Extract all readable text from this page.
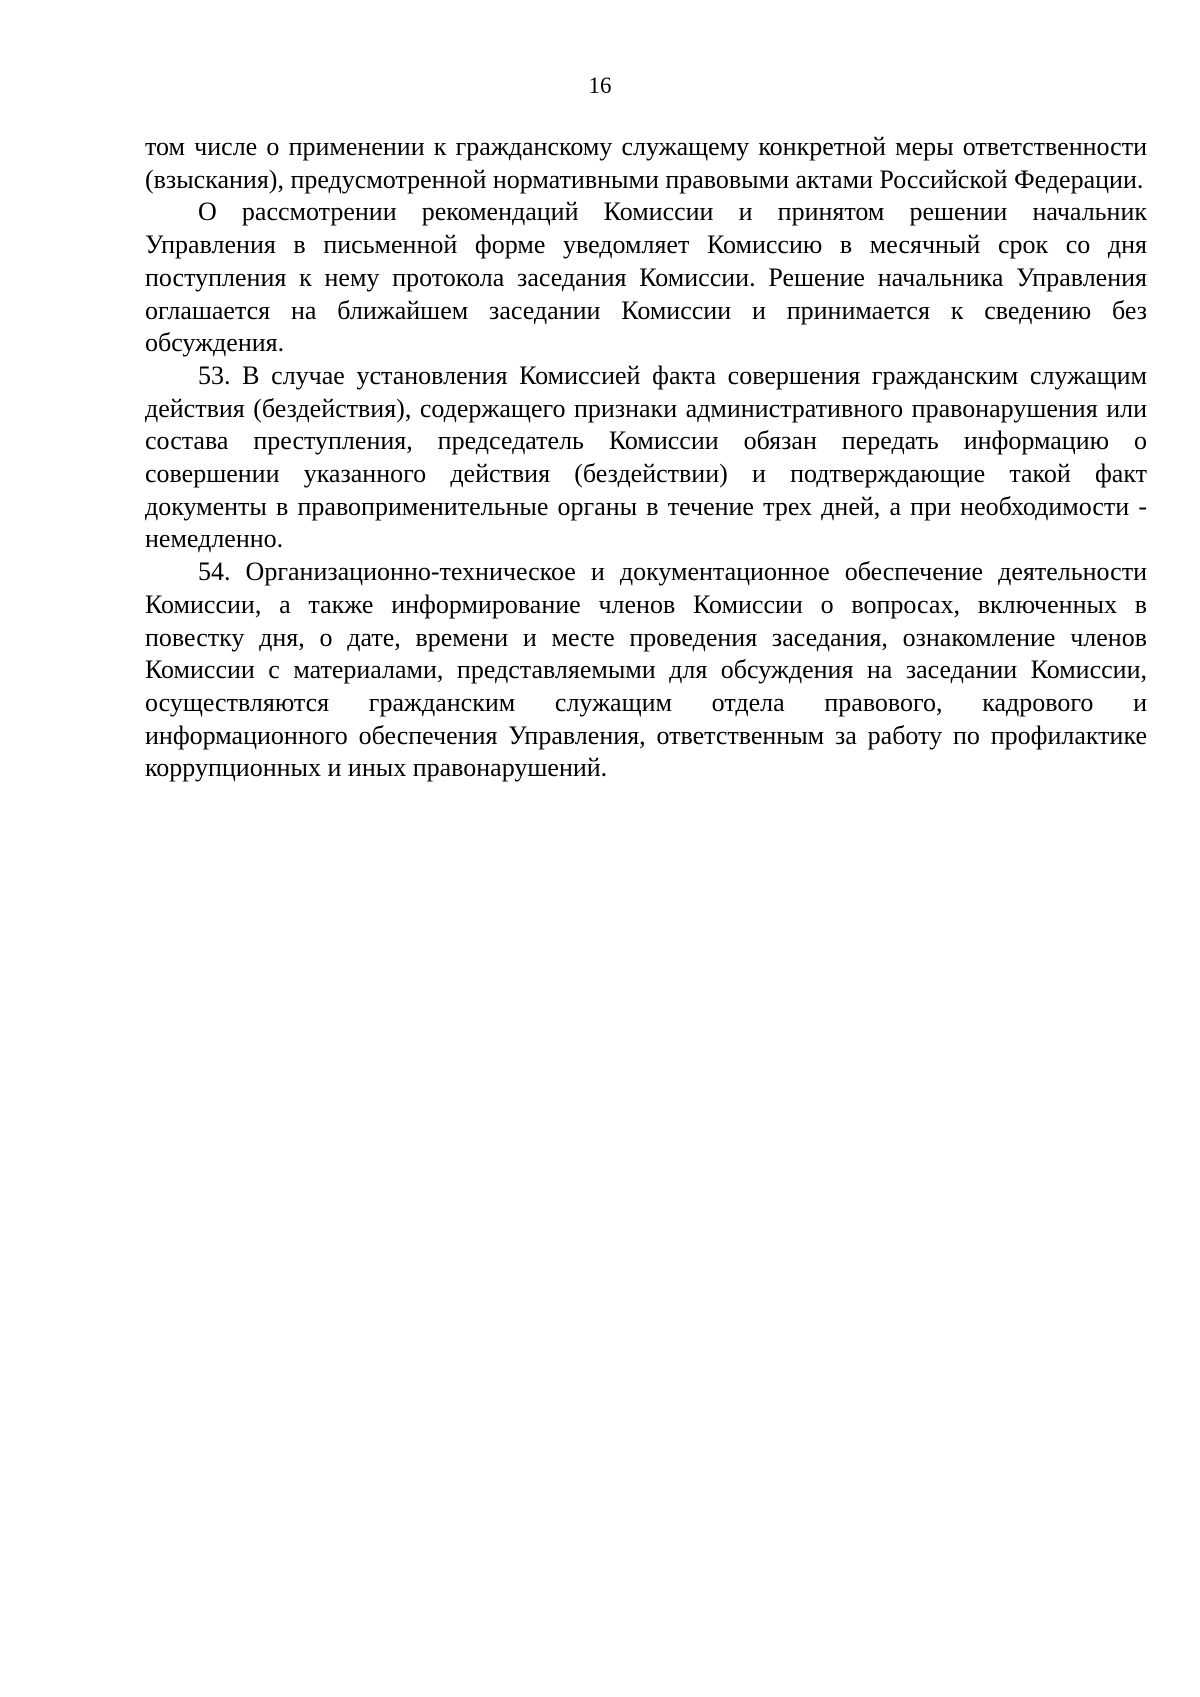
16

том числе о применении к гражданскому служащему конкретной меры ответственности (взыскания), предусмотренной нормативными правовыми актами Российской Федерации.

О рассмотрении рекомендаций Комиссии и принятом решении начальник Управления в письменной форме уведомляет Комиссию в месячный срок со дня поступления к нему протокола заседания Комиссии. Решение начальника Управления оглашается на ближайшем заседании Комиссии и принимается к сведению без обсуждения.

53. В случае установления Комиссией факта совершения гражданским служащим действия (бездействия), содержащего признаки административного правонарушения или состава преступления, председатель Комиссии обязан передать информацию о совершении указанного действия (бездействии) и подтверждающие такой факт документы в правоприменительные органы в течение трех дней, а при необходимости - немедленно.

54. Организационно-техническое и документационное обеспечение деятельности Комиссии, а также информирование членов Комиссии о вопросах, включенных в повестку дня, о дате, времени и месте проведения заседания, ознакомление членов Комиссии с материалами, представляемыми для обсуждения на заседании Комиссии, осуществляются гражданским служащим отдела правового, кадрового и информационного обеспечения Управления, ответственным за работу по профилактике коррупционных и иных правонарушений.
